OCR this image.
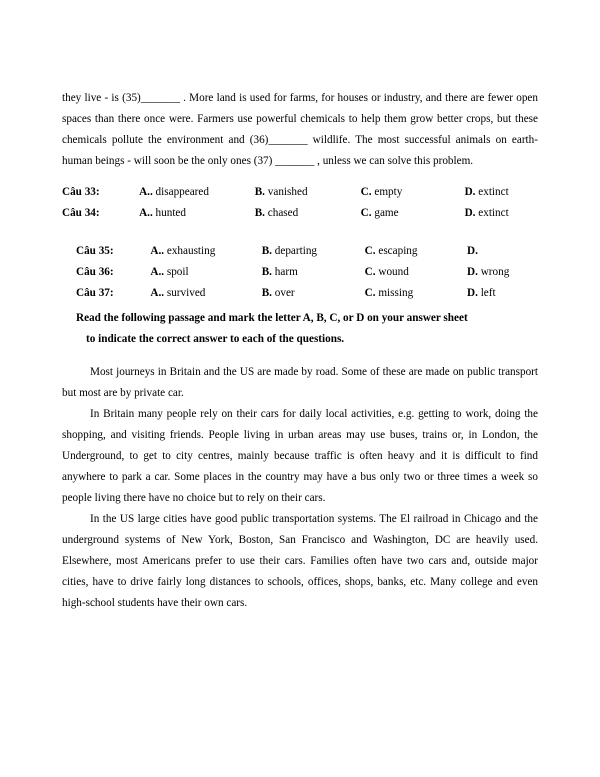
they live - is (35)_______ . More land is used for farms, for houses or industry, and there are fewer open spaces than there once were. Farmers use powerful chemicals to help them grow better crops, but these chemicals pollute the environment and (36)_______ wildlife. The most successful animals on earth- human beings - will soon be the only ones (37) _______ , unless we can solve this problem.

Câu 33:	A.. disappeared	B. vanished	C. empty	D. extinct
Câu 34:	A.. hunted	B. chased	C. game	D. extinct
Câu 35:	A.. exhausting	B. departing	C. escaping	D.
Câu 36:	A.. spoil	B. harm	C. wound	D. wrong
Câu 37:	A.. survived	B. over	C. missing	D. left
Read the following passage and mark the letter A, B, C, or D on your answer sheet
to indicate the correct answer to each of the questions.

Most journeys in Britain and the US are made by road. Some of these are made on public transport but most are by private car.

In Britain many people rely on their cars for daily local activities, e.g. getting to work, doing the shopping, and visiting friends. People living in urban areas may use buses, trains or, in London, the Underground, to get to city centres, mainly because traffic is often heavy and it is difficult to find anywhere to park a car. Some places in the country may have a bus only two or three times a week so people living there have no choice but to rely on their cars.

In the US large cities have good public transportation systems. The El railroad in Chicago and the underground systems of New York, Boston, San Francisco and Washington, DC are heavily used. Elsewhere, most Americans prefer to use their cars. Families often have two cars and, outside major cities, have to drive fairly long distances to schools, offices, shops, banks, etc. Many college and even high-school students have their own cars.
